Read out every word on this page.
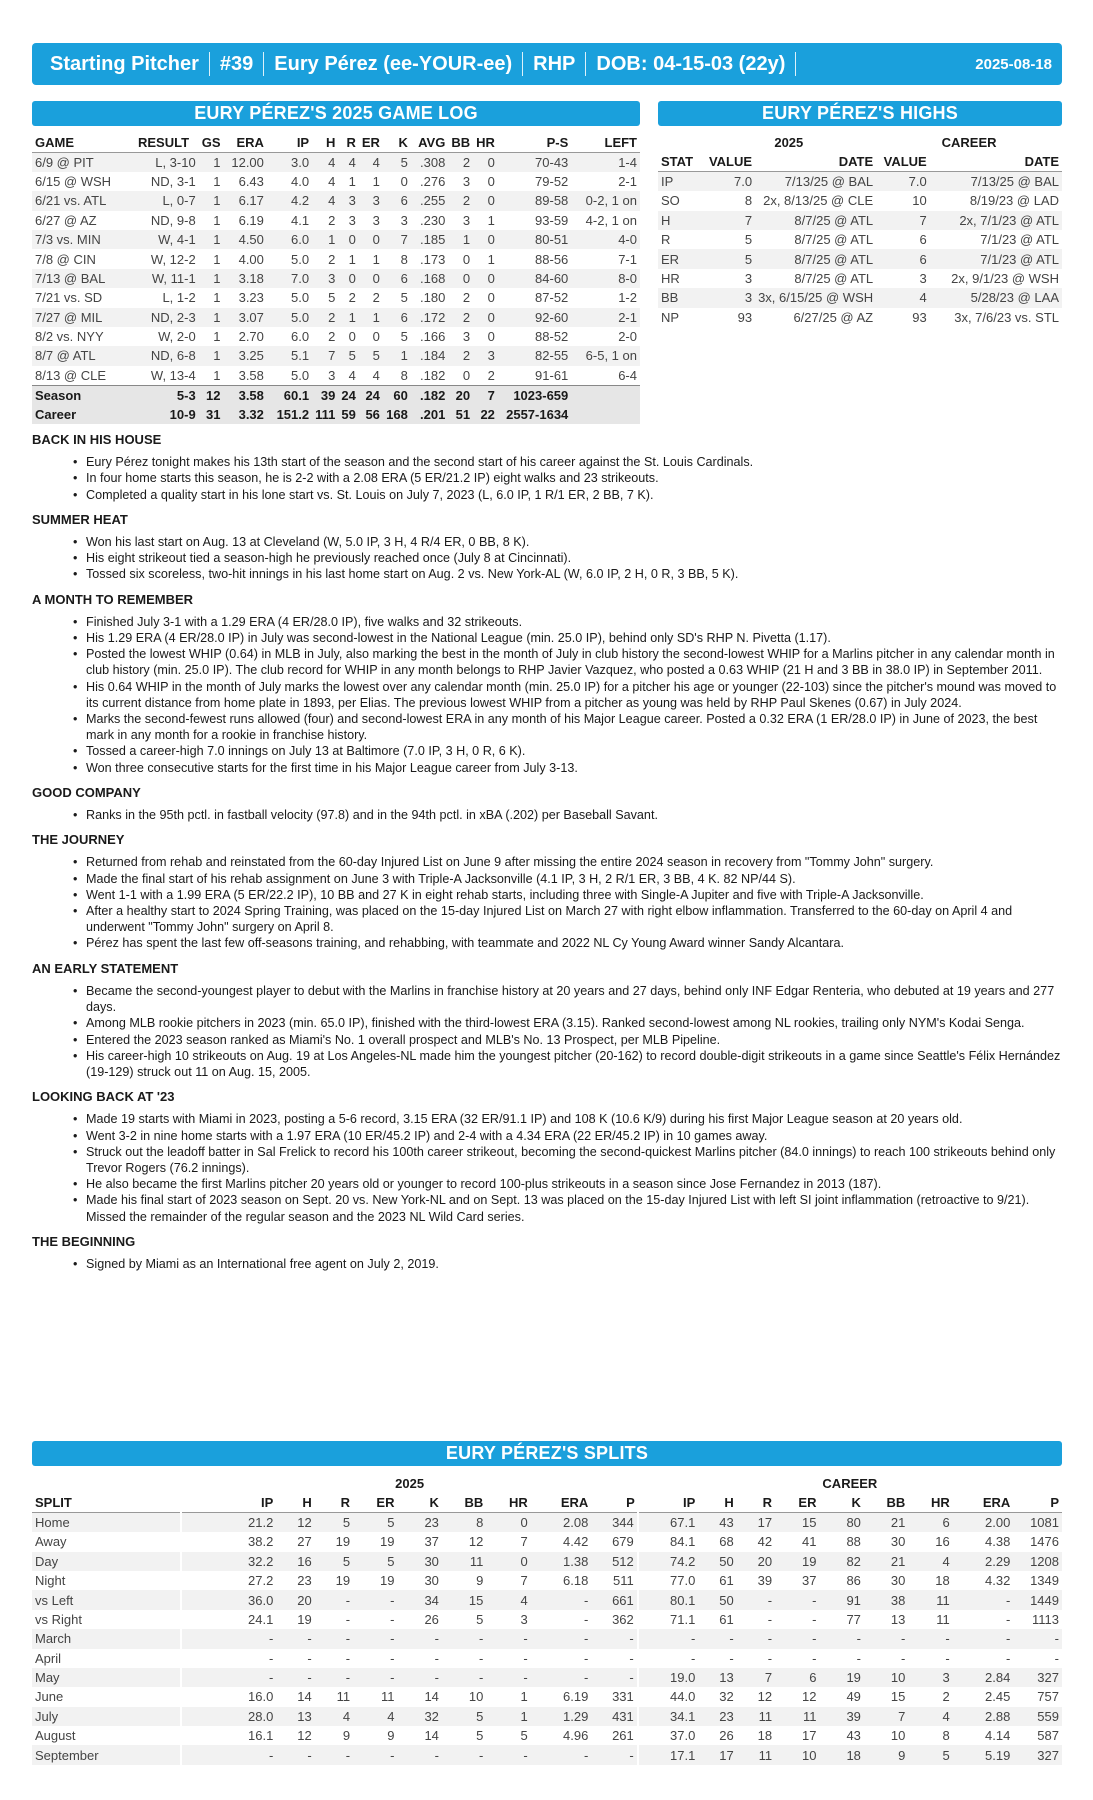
Starting Pitcher	#39	Eury Pérez (ee-YOUR-ee)	RHP	DOB: 04-15-03 (22y)	2025-08-18
EURY PÉREZ'S 2025 GAME LOG
GAME	RESULT	GS	ERA	IP	H	R	ER	K	AVG	BB	HR	P-S	LEFT
6/9 @ PIT	L, 3-10	1	12.00	3.0	4	4	4	5	.308	2	0	70-43	1-4
6/15 @ WSH	ND, 3-1	1	6.43	4.0	4	1	1	0	.276	3	0	79-52	2-1
6/21 vs. ATL	L, 0-7	1	6.17	4.2	4	3	3	6	.255	2	0	89-58	0-2, 1 on
6/27 @ AZ	ND, 9-8	1	6.19	4.1	2	3	3	3	.230	3	1	93-59	4-2, 1 on
7/3 vs. MIN	W, 4-1	1	4.50	6.0	1	0	0	7	.185	1	0	80-51	4-0
7/8 @ CIN	W, 12-2	1	4.00	5.0	2	1	1	8	.173	0	1	88-56	7-1
7/13 @ BAL	W, 11-1	1	3.18	7.0	3	0	0	6	.168	0	0	84-60	8-0
7/21 vs. SD	L, 1-2	1	3.23	5.0	5	2	2	5	.180	2	0	87-52	1-2
7/27 @ MIL	ND, 2-3	1	3.07	5.0	2	1	1	6	.172	2	0	92-60	2-1
8/2 vs. NYY	W, 2-0	1	2.70	6.0	2	0	0	5	.166	3	0	88-52	2-0
8/7 @ ATL	ND, 6-8	1	3.25	5.1	7	5	5	1	.184	2	3	82-55	6-5, 1 on
8/13 @ CLE	W, 13-4	1	3.58	5.0	3	4	4	8	.182	0	2	91-61	6-4
Season	5-3	12	3.58	60.1	39	24	24	60	.182	20	7	1023-659	
Career	10-9	31	3.32	151.2	111	59	56	168	.201	51	22	2557-1634	
EURY PÉREZ'S HIGHS
	2025		CAREER	
STAT	VALUE	DATE	VALUE	DATE
IP	7.0	7/13/25 @ BAL	7.0	7/13/25 @ BAL
SO	8	2x, 8/13/25 @ CLE	10	8/19/23 @ LAD
H	7	8/7/25 @ ATL	7	2x, 7/1/23 @ ATL
R	5	8/7/25 @ ATL	6	7/1/23 @ ATL
ER	5	8/7/25 @ ATL	6	7/1/23 @ ATL
HR	3	8/7/25 @ ATL	3	2x, 9/1/23 @ WSH
BB	3	3x, 6/15/25 @ WSH	4	5/28/23 @ LAA
NP	93	6/27/25 @ AZ	93	3x, 7/6/23 vs. STL
BACK IN HIS HOUSE
• Eury Pérez tonight makes his 13th start of the season and the second start of his career against the St. Louis Cardinals.
• In four home starts this season, he is 2-2 with a 2.08 ERA (5 ER/21.2 IP) eight walks and 23 strikeouts.
• Completed a quality start in his lone start vs. St. Louis on July 7, 2023 (L, 6.0 IP, 1 R/1 ER, 2 BB, 7 K).
SUMMER HEAT
• Won his last start on Aug. 13 at Cleveland (W, 5.0 IP, 3 H, 4 R/4 ER, 0 BB, 8 K).
• His eight strikeout tied a season-high he previously reached once (July 8 at Cincinnati).
• Tossed six scoreless, two-hit innings in his last home start on Aug. 2 vs. New York-AL (W, 6.0 IP, 2 H, 0 R, 3 BB, 5 K).
A MONTH TO REMEMBER
• Finished July 3-1 with a 1.29 ERA (4 ER/28.0 IP), five walks and 32 strikeouts.
• His 1.29 ERA (4 ER/28.0 IP) in July was second-lowest in the National League (min. 25.0 IP), behind only SD's RHP N. Pivetta (1.17).
• Posted the lowest WHIP (0.64) in MLB in July, also marking the best in the month of July in club history the second-lowest WHIP for a Marlins pitcher in any calendar month in club history (min. 25.0 IP). The club record for WHIP in any month belongs to RHP Javier Vazquez, who posted a 0.63 WHIP (21 H and 3 BB in 38.0 IP) in September 2011.
• His 0.64 WHIP in the month of July marks the lowest over any calendar month (min. 25.0 IP) for a pitcher his age or younger (22-103) since the pitcher's mound was moved to its current distance from home plate in 1893, per Elias. The previous lowest WHIP from a pitcher as young was held by RHP Paul Skenes (0.67) in July 2024.
• Marks the second-fewest runs allowed (four) and second-lowest ERA in any month of his Major League career. Posted a 0.32 ERA (1 ER/28.0 IP) in June of 2023, the best mark in any month for a rookie in franchise history.
• Tossed a career-high 7.0 innings on July 13 at Baltimore (7.0 IP, 3 H, 0 R, 6 K).
• Won three consecutive starts for the first time in his Major League career from July 3-13.
GOOD COMPANY
• Ranks in the 95th pctl. in fastball velocity (97.8) and in the 94th pctl. in xBA (.202) per Baseball Savant.
THE JOURNEY
• Returned from rehab and reinstated from the 60-day Injured List on June 9 after missing the entire 2024 season in recovery from "Tommy John" surgery.
• Made the final start of his rehab assignment on June 3 with Triple-A Jacksonville (4.1 IP, 3 H, 2 R/1 ER, 3 BB, 4 K. 82 NP/44 S).
• Went 1-1 with a 1.99 ERA (5 ER/22.2 IP), 10 BB and 27 K in eight rehab starts, including three with Single-A Jupiter and five with Triple-A Jacksonville.
• After a healthy start to 2024 Spring Training, was placed on the 15-day Injured List on March 27 with right elbow inflammation. Transferred to the 60-day on April 4 and underwent "Tommy John" surgery on April 8.
• Pérez has spent the last few off-seasons training, and rehabbing, with teammate and 2022 NL Cy Young Award winner Sandy Alcantara.
AN EARLY STATEMENT
• Became the second-youngest player to debut with the Marlins in franchise history at 20 years and 27 days, behind only INF Edgar Renteria, who debuted at 19 years and 277 days.
• Among MLB rookie pitchers in 2023 (min. 65.0 IP), finished with the third-lowest ERA (3.15). Ranked second-lowest among NL rookies, trailing only NYM's Kodai Senga.
• Entered the 2023 season ranked as Miami's No. 1 overall prospect and MLB's No. 13 Prospect, per MLB Pipeline.
• His career-high 10 strikeouts on Aug. 19 at Los Angeles-NL made him the youngest pitcher (20-162) to record double-digit strikeouts in a game since Seattle's Félix Hernández (19-129) struck out 11 on Aug. 15, 2005.
LOOKING BACK AT '23
• Made 19 starts with Miami in 2023, posting a 5-6 record, 3.15 ERA (32 ER/91.1 IP) and 108 K (10.6 K/9) during his first Major League season at 20 years old.
• Went 3-2 in nine home starts with a 1.97 ERA (10 ER/45.2 IP) and 2-4 with a 4.34 ERA (22 ER/45.2 IP) in 10 games away.
• Struck out the leadoff batter in Sal Frelick to record his 100th career strikeout, becoming the second-quickest Marlins pitcher (84.0 innings) to reach 100 strikeouts behind only Trevor Rogers (76.2 innings).
• He also became the first Marlins pitcher 20 years old or younger to record 100-plus strikeouts in a season since Jose Fernandez in 2013 (187).
• Made his final start of 2023 season on Sept. 20 vs. New York-NL and on Sept. 13 was placed on the 15-day Injured List with left SI joint inflammation (retroactive to 9/21). Missed the remainder of the regular season and the 2023 NL Wild Card series.
THE BEGINNING
• Signed by Miami as an International free agent on July 2, 2019.
EURY PÉREZ'S SPLITS
	2025									CAREER								
SPLIT	IP	H	R	ER	K	BB	HR	ERA	P	IP	H	R	ER	K	BB	HR	ERA	P
Home	21.2	12	5	5	23	8	0	2.08	344	67.1	43	17	15	80	21	6	2.00	1081
Away	38.2	27	19	19	37	12	7	4.42	679	84.1	68	42	41	88	30	16	4.38	1476
Day	32.2	16	5	5	30	11	0	1.38	512	74.2	50	20	19	82	21	4	2.29	1208
Night	27.2	23	19	19	30	9	7	6.18	511	77.0	61	39	37	86	30	18	4.32	1349
vs Left	36.0	20	-	-	34	15	4	-	661	80.1	50	-	-	91	38	11	-	1449
vs Right	24.1	19	-	-	26	5	3	-	362	71.1	61	-	-	77	13	11	-	1113
March	-	-	-	-	-	-	-	-	-	-	-	-	-	-	-	-	-	-
April	-	-	-	-	-	-	-	-	-	-	-	-	-	-	-	-	-	-
May	-	-	-	-	-	-	-	-	-	19.0	13	7	6	19	10	3	2.84	327
June	16.0	14	11	11	14	10	1	6.19	331	44.0	32	12	12	49	15	2	2.45	757
July	28.0	13	4	4	32	5	1	1.29	431	34.1	23	11	11	39	7	4	2.88	559
August	16.1	12	9	9	14	5	5	4.96	261	37.0	26	18	17	43	10	8	4.14	587
September	-	-	-	-	-	-	-	-	-	17.1	17	11	10	18	9	5	5.19	327
